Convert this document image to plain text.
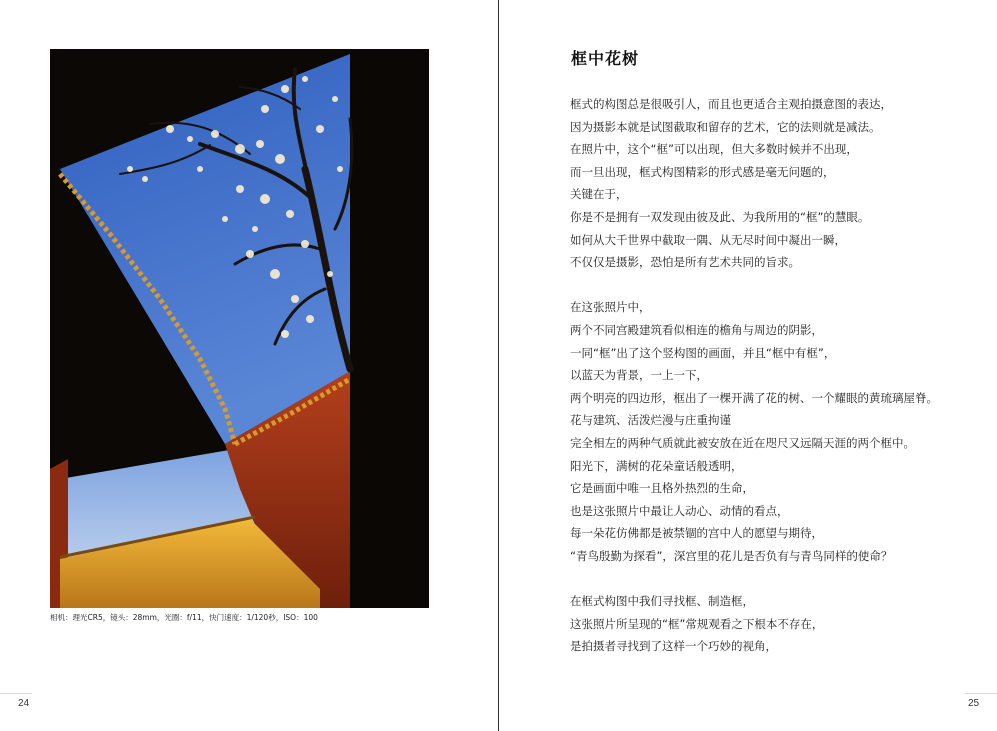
相机：理光CR5，镜头：28mm，光圈：f/11，快门速度：1/120秒，ISO：100
24
框中花树
框式的构图总是很吸引人，而且也更适合主观拍摄意图的表达，
因为摄影本就是试图截取和留存的艺术，它的法则就是减法。
在照片中，这个“框”可以出现，但大多数时候并不出现，
而一旦出现，框式构图精彩的形式感是毫无问题的，
关键在于，
你是不是拥有一双发现由彼及此、为我所用的“框”的慧眼。
如何从大千世界中截取一隅、从无尽时间中凝出一瞬，
不仅仅是摄影，恐怕是所有艺术共同的旨求。
在这张照片中，
两个不同宫殿建筑看似相连的檐角与周边的阴影，
一同“框”出了这个竖构图的画面，并且“框中有框”，
以蓝天为背景，一上一下，
两个明亮的四边形，框出了一棵开满了花的树、一个耀眼的黄琉璃屋脊。
花与建筑、活泼烂漫与庄重拘谨
完全相左的两种气质就此被安放在近在咫尺又远隔天涯的两个框中。
阳光下，满树的花朵童话般透明，
它是画面中唯一且格外热烈的生命，
也是这张照片中最让人动心、动情的看点，
每一朵花仿佛都是被禁锢的宫中人的愿望与期待，
“青鸟殷勤为探看”，深宫里的花儿是否负有与青鸟同样的使命？
在框式构图中我们寻找框、制造框，
这张照片所呈现的“框”常规观看之下根本不存在，
是拍摄者寻找到了这样一个巧妙的视角，
25
